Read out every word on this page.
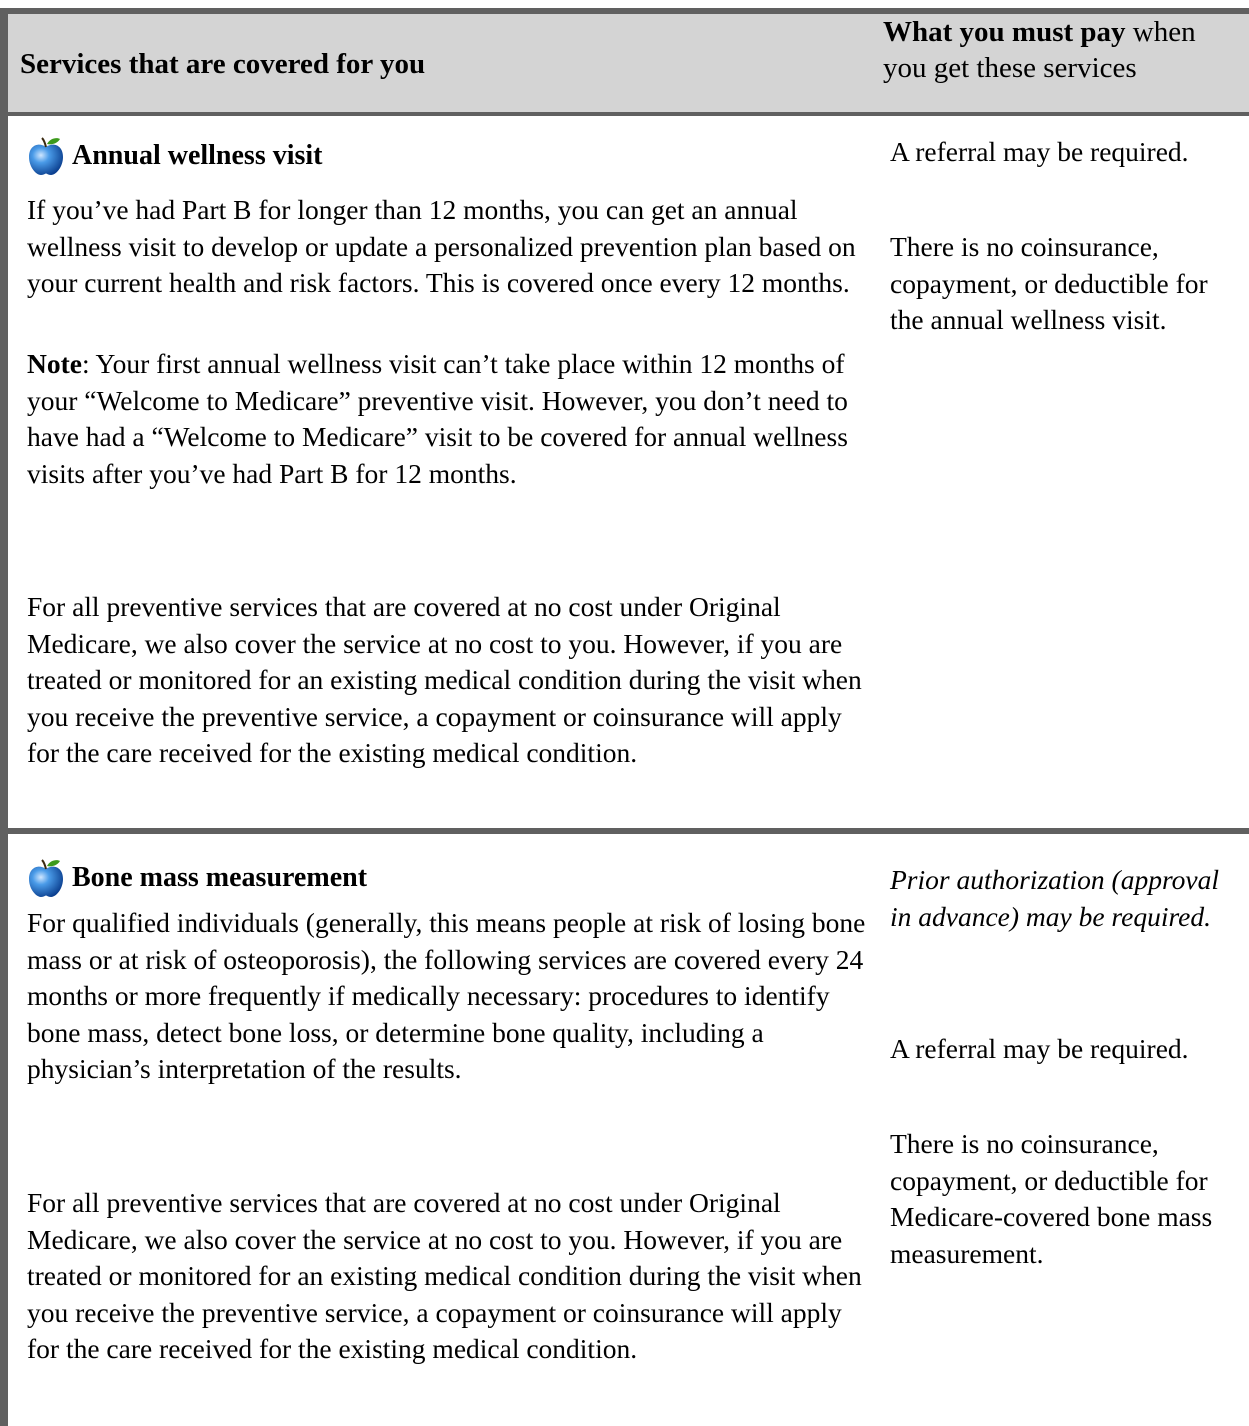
Services that are covered for you
What you must pay when you get these services
Annual wellness visit

If you’ve had Part B for longer than 12 months, you can get an annual wellness visit to develop or update a personalized prevention plan based on your current health and risk factors. This is covered once every 12 months.

Note: Your first annual wellness visit can’t take place within 12 months of your “Welcome to Medicare” preventive visit. However, you don’t need to have had a “Welcome to Medicare” visit to be covered for annual wellness visits after you’ve had Part B for 12 months.

For all preventive services that are covered at no cost under Original Medicare, we also cover the service at no cost to you. However, if you are treated or monitored for an existing medical condition during the visit when you receive the preventive service, a copayment or coinsurance will apply for the care received for the existing medical condition.

A referral may be required.

There is no coinsurance, copayment, or deductible for the annual wellness visit.

Bone mass measurement

For qualified individuals (generally, this means people at risk of losing bone mass or at risk of osteoporosis), the following services are covered every 24 months or more frequently if medically necessary: procedures to identify bone mass, detect bone loss, or determine bone quality, including a physician’s interpretation of the results.

For all preventive services that are covered at no cost under Original Medicare, we also cover the service at no cost to you. However, if you are treated or monitored for an existing medical condition during the visit when you receive the preventive service, a copayment or coinsurance will apply for the care received for the existing medical condition.

Prior authorization (approval in advance) may be required.

A referral may be required.

There is no coinsurance, copayment, or deductible for Medicare-covered bone mass measurement.
